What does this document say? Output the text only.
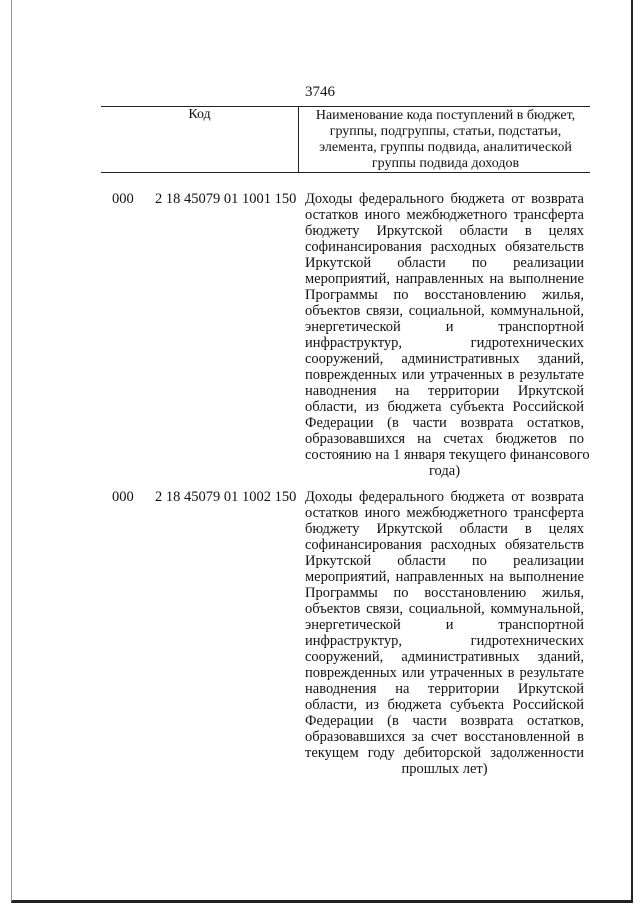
3746
Код	Наименование кода поступлений в бюджет,
группы, подгруппы, статьи, подстатьи,
элемента, группы подвида, аналитической
группы подвида доходов
000	2 18 45079 01 1001 150 Доходы федерального бюджета от возврата
остатков иного межбюджетного трансферта
бюджету Иркутской области в целях
софинансирования расходных обязательств
Иркутской области по реализации
мероприятий, направленных на выполнение
Программы по восстановлению жилья,
объектов связи, социальной, коммунальной,
энергетической и транспортной
инфраструктур, гидротехнических
сооружений, административных зданий,
поврежденных или утраченных в результате
наводнения на территории Иркутской
области, из бюджета субъекта Российской
Федерации (в части возврата остатков,
образовавшихся на счетах бюджетов по
состоянию на 1 января текущего финансового
года)
000	2 18 45079 01 1002 150 Доходы федерального бюджета от возврата
остатков иного межбюджетного трансферта
бюджету Иркутской области в целях
софинансирования расходных обязательств
Иркутской области по реализации
мероприятий, направленных на выполнение
Программы по восстановлению жилья,
объектов связи, социальной, коммунальной,
энергетической и транспортной
инфраструктур, гидротехнических
сооружений, административных зданий,
поврежденных или утраченных в результате
наводнения на территории Иркутской
области, из бюджета субъекта Российской
Федерации (в части возврата остатков,
образовавшихся за счет восстановленной в
текущем году дебиторской задолженности
прошлых лет)
